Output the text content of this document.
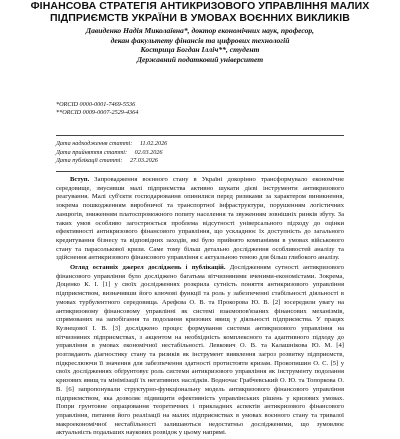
ФІНАНСОВА СТРАТЕГІЯ АНТИКРИЗОВОГО УПРАВЛІННЯ МАЛИХ ПІДПРИЄМСТВ УКРАЇНИ В УМОВАХ ВОЄННИХ ВИКЛИКІВ
Давиденко Надія Миколаївна*, доктор економічних наук, професор,
декан факультету фінансів та цифрових технологій
Кострица Богдан Ілліч**, студент
Державний податковий університет
*ORCID 0000-0001-7469-5536
**ORCID 0009-0007-2529-4364
Дата надходження статті: 11.02.2026
Дата прийняття статті: 02.03.2026
Дата публікації статті: 27.03.2026

Вступ. Запровадження воєнного стану в Україні докорінно трансформувало економічне середовище, змусивши малі підприємства активно шукати дієві інструменти антикризового реагування. Малі суб'єкти господарювання опинилися перед ризиками за характером виникнення, зокрема пошкодженням виробничої та транспортної інфраструктури, порушенням логістичних ланцюгів, зниженням платоспроможного попиту населення та звуженням зовнішніх ринків збуту. За таких умов особливо загострюється проблема відсутності універсального підходу до оцінки ефективності антикризового фінансового управління, що ускладнює їх доступність до загального кредитування бізнесу та відповідних заходів, які було прийнято компаніями в умовах військового стану та парасолькової кризи. Саме тому більш детально дослідження особливостей аналізу та здійснення антикризового фінансового управління є актуальною темою для більш глибокого аналізу.

Огляд останніх джерел досліджень і публікацій. Дослідженням сутності антикризового фінансового управління було досліджено багатьма вітчизняними вченими-економістами. Зокрема, Доценко К. І. [1] у своїх дослідженнях розкрила сутність поняття антикризового управління підприємством, визначивши його ключові функції та роль у забезпеченні стабільності діяльності в умовах турбулентного середовища. Арефєва О. В. та Прокорова Ю. В. [2] зосередили увагу на антикризовому фінансовому управлінні як системі взаємопов'язаних фінансових механізмів, спрямованих на запобігання та подолання кризових явищ у діяльності підприємства. У працях Кузнецової І. В. [3] досліджено процес формування системи антикризового управління на вітчизняних підприємствах, з акцентом на необхідність комплексного та адаптивного підходу до управління в умовах економічної нестабільності. Левкович О. В. та Калашнікова Ю. М. [4] розглядають діагностику стану та ризиків як інструмент виявлення загроз розвитку підприємств, підкреслюючи її значення для забезпечення здатності протистояти кризам. Прокопишин О. С. [5] у своїх дослідженнях обґрунтовує роль системи антикризового управління як інструменту подолання кризових явищ та мінімізації їх негативних наслідків. Водночас Грабчевський О. Ю. та Топоркова О. В. [6] запропонували структурно-функціональну модель антикризового фінансового управління підприємством, яка дозволяє підвищити ефективність управлінських рішень у кризових умовах. Попри грунтовне опрацювання теоретичних і прикладних аспектів антикризового фінансового управління, питання його реалізації на малих підприємствах в умовах воєнного стану та тривалої макроекономічної нестабільності залишаються недостатньо дослідженими, що зумовлює актуальність подальших наукових розвідок у цьому напрямі.
